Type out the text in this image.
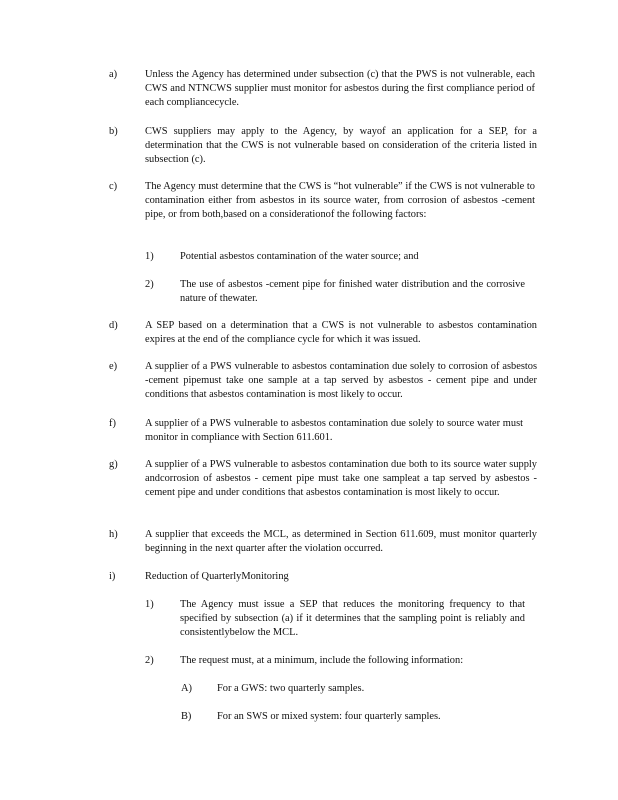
a)	Unless the Agency has determined under subsection (c) that the PWS is not vulnerable, each CWS and NTNCWS supplier must monitor for asbestos during the first compliance period of each compliancecycle.
b)	CWS suppliers may apply to the Agency, by wayof an application for a SEP, for a determination that the CWS is not vulnerable based on consideration of the criteria listed in subsection (c).
c)	The Agency must determine that the CWS is “hot vulnerable” if the CWS is not vulnerable to contamination either from asbestos in its source water, from corrosion of asbestos -cement pipe, or from both,based on a considerationof the following factors:
1)	Potential asbestos contamination of the water source; and
2)	The use of asbestos -cement pipe for finished water distribution and the corrosive nature of thewater.
d)	A SEP based on a determination that a CWS is not vulnerable to asbestos contamination expires at the end of the compliance cycle for which it was issued.
e)	A supplier of a PWS vulnerable to asbestos contamination due solely to corrosion of asbestos -cement pipemust take one sample at a tap served by asbestos - cement pipe and under conditions that asbestos contamination is most likely to occur.
f)	A supplier of a PWS vulnerable to asbestos contamination due solely to source water must monitor in compliance with Section 611.601.
g)	A supplier of a PWS vulnerable to asbestos contamination due both to its source water supply andcorrosion of asbestos - cement pipe must take one sampleat a tap served by asbestos -cement pipe and under conditions that asbestos contamination is most likely to occur.
h)	A supplier that exceeds the MCL, as determined in Section 611.609, must monitor quarterly beginning in the next quarter after the violation occurred.
i)	Reduction of QuarterlyMonitoring
1)	The Agency must issue a SEP that reduces the monitoring frequency to that specified by subsection (a) if it determines that the sampling point is reliably and consistentlybelow the MCL.
2)	The request must, at a minimum, include the following information:
A) For a GWS: two quarterly samples.
B) For an SWS or mixed system: four quarterly samples.
